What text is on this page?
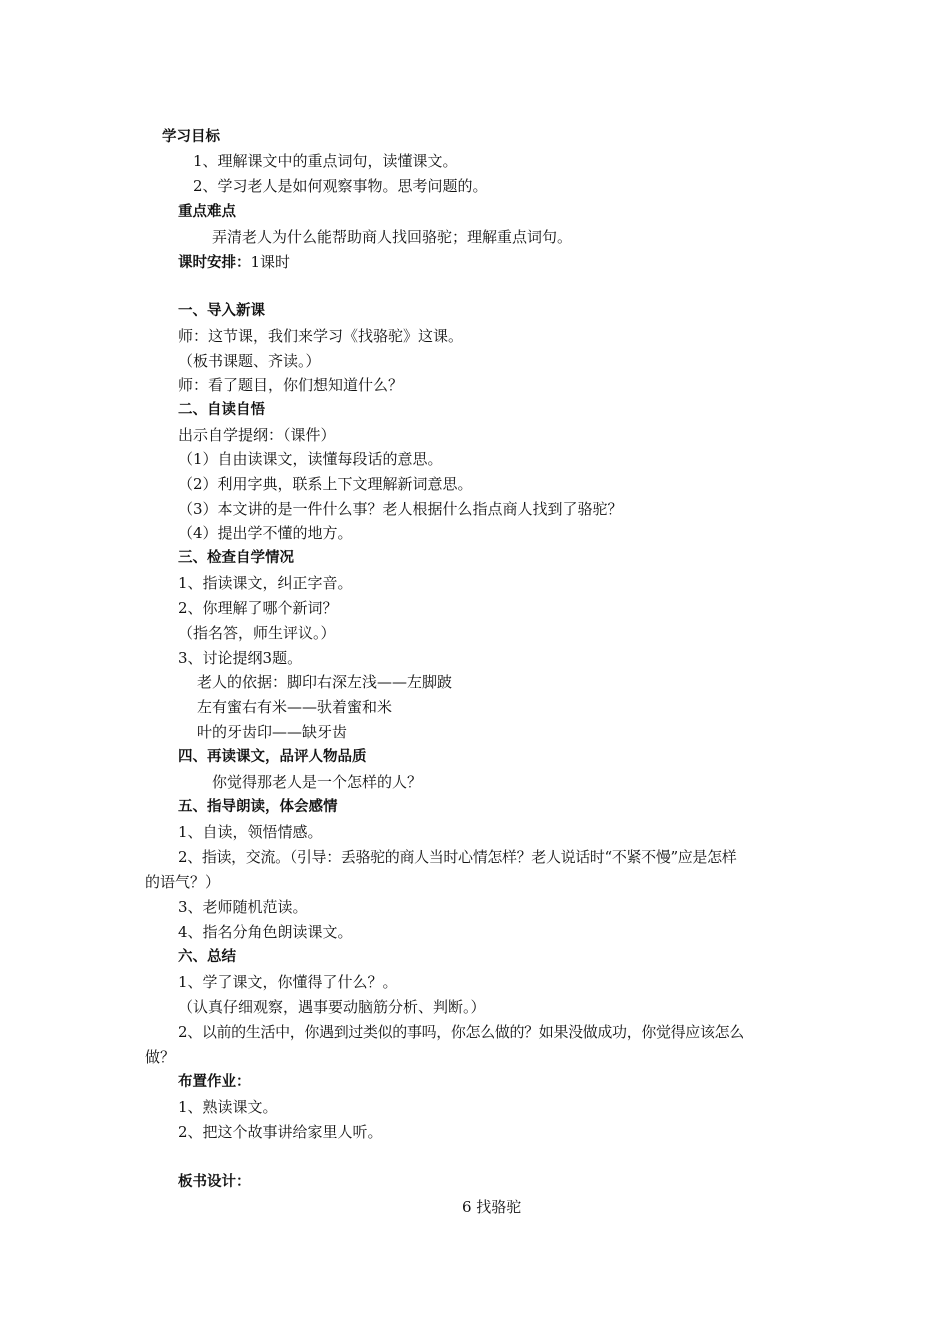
学习目标
1、理解课文中的重点词句，读懂课文。
2、学习老人是如何观察事物。思考问题的。
重点难点
弄清老人为什么能帮助商人找回骆驼；理解重点词句。
课时安排：1课时
一、导入新课
师：这节课，我们来学习《找骆驼》这课。
（板书课题、齐读。）
师：看了题目，你们想知道什么？
二、自读自悟
出示自学提纲：（课件）
（1）自由读课文，读懂每段话的意思。
（2）利用字典，联系上下文理解新词意思。
（3）本文讲的是一件什么事？老人根据什么指点商人找到了骆驼？
（4）提出学不懂的地方。
三、检查自学情况
1、指读课文，纠正字音。
2、你理解了哪个新词？
（指名答，师生评议。）
3、讨论提纲3题。
老人的依据：脚印右深左浅——左脚跛
左有蜜右有米——驮着蜜和米
叶的牙齿印——缺牙齿
四、再读课文，品评人物品质
你觉得那老人是一个怎样的人？
五、指导朗读，体会感情
1、自读，领悟情感。
2、指读，交流。（引导：丢骆驼的商人当时心情怎样？老人说话时“不紧不慢”应是怎样
的语气？）
3、老师随机范读。
4、指名分角色朗读课文。
六、总结
1、学了课文，你懂得了什么？。
（认真仔细观察，遇事要动脑筋分析、判断。）
2、以前的生活中，你遇到过类似的事吗，你怎么做的？如果没做成功，你觉得应该怎么
做？
布置作业：
1、熟读课文。
2、把这个故事讲给家里人听。
板书设计：
6 找骆驼
